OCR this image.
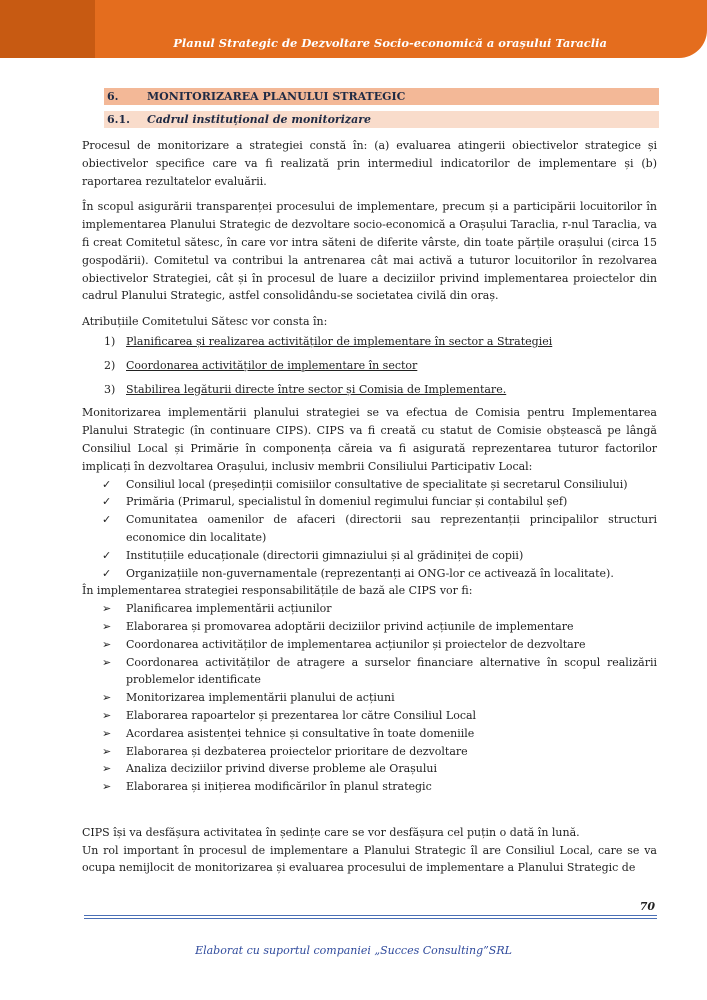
Planul Strategic de Dezvoltare Socio-economică a orașului Taraclia
6.	MONITORIZAREA PLANULUI STRATEGIC
6.1. Cadrul instituțional de monitorizare

Procesul de monitorizare a strategiei constă în: (a) evaluarea atingerii obiectivelor strategice și obiectivelor specifice care va fi realizată prin intermediul indicatorilor de implementare și (b) raportarea rezultatelor evaluării.

În scopul asigurării transparenței procesului de implementare, precum și a participării locuitorilor în implementarea Planului Strategic de dezvoltare socio-economică a Orașului Taraclia, r-nul Taraclia, va fi creat Comitetul sătesc, în care vor intra săteni de diferite vârste, din toate părțile orașului (circa 15 gospodării). Comitetul va contribui la antrenarea cât mai activă a tuturor locuitorilor în rezolvarea obiectivelor Strategiei, cât și în procesul de luare a deciziilor privind implementarea proiectelor din cadrul Planului Strategic, astfel consolidându-se societatea civilă din oraș.

Atribuțiile Comitetului Sătesc vor consta în:

1) Planificarea și realizarea activităților de implementare în sector a Strategiei
2) Coordonarea activităților de implementare în sector
3) Stabilirea legăturii directe între sector și Comisia de Implementare.

Monitorizarea implementării planului strategiei se va efectua de Comisia pentru Implementarea Planului Strategic (în continuare CIPS). CIPS va fi creată cu statut de Comisie obștească pe lângă Consiliul Local și Primărie în componența căreia va fi asigurată reprezentarea tuturor factorilor implicați în dezvoltarea Orașului, inclusiv membrii Consiliului Participativ Local:

✓	Consiliul local (președinții comisiilor consultative de specialitate și secretarul Consiliului)
✓	Primăria (Primarul, specialistul în domeniul regimului funciar și contabilul șef)
✓	Comunitatea oamenilor de afaceri (directorii sau reprezentanții principalilor structuri economice din localitate)
✓	Instituțiile educaționale (directorii gimnaziului și al grădiniței de copii)
✓	Organizațiile non-guvernamentale (reprezentanți ai ONG-lor ce activează în localitate).

În implementarea strategiei responsabilitățile de bază ale CIPS vor fi:

➢	Planificarea implementării acțiunilor
➢	Elaborarea și promovarea adoptării deciziilor privind acțiunile de implementare
➢	Coordonarea activităților de implementarea acțiunilor și proiectelor de dezvoltare
➢	Coordonarea activităților de atragere a surselor financiare alternative în scopul realizării problemelor identificate
➢	Monitorizarea implementării planului de acțiuni
➢	Elaborarea rapoartelor și prezentarea lor către Consiliul Local
➢	Acordarea asistenței tehnice și consultative în toate domeniile
➢	Elaborarea și dezbaterea proiectelor prioritare de dezvoltare
➢	Analiza deciziilor privind diverse probleme ale Orașului
➢	Elaborarea și inițierea modificărilor în planul strategic

CIPS își va desfășura activitatea în ședințe care se vor desfășura cel puțin o dată în lună.

Un rol important în procesul de implementare a Planului Strategic îl are Consiliul Local, care se va ocupa nemijlocit de monitorizarea și evaluarea procesului de implementare a Planului Strategic de

70
Elaborat cu suportul companiei „Succes Consulting”SRL
